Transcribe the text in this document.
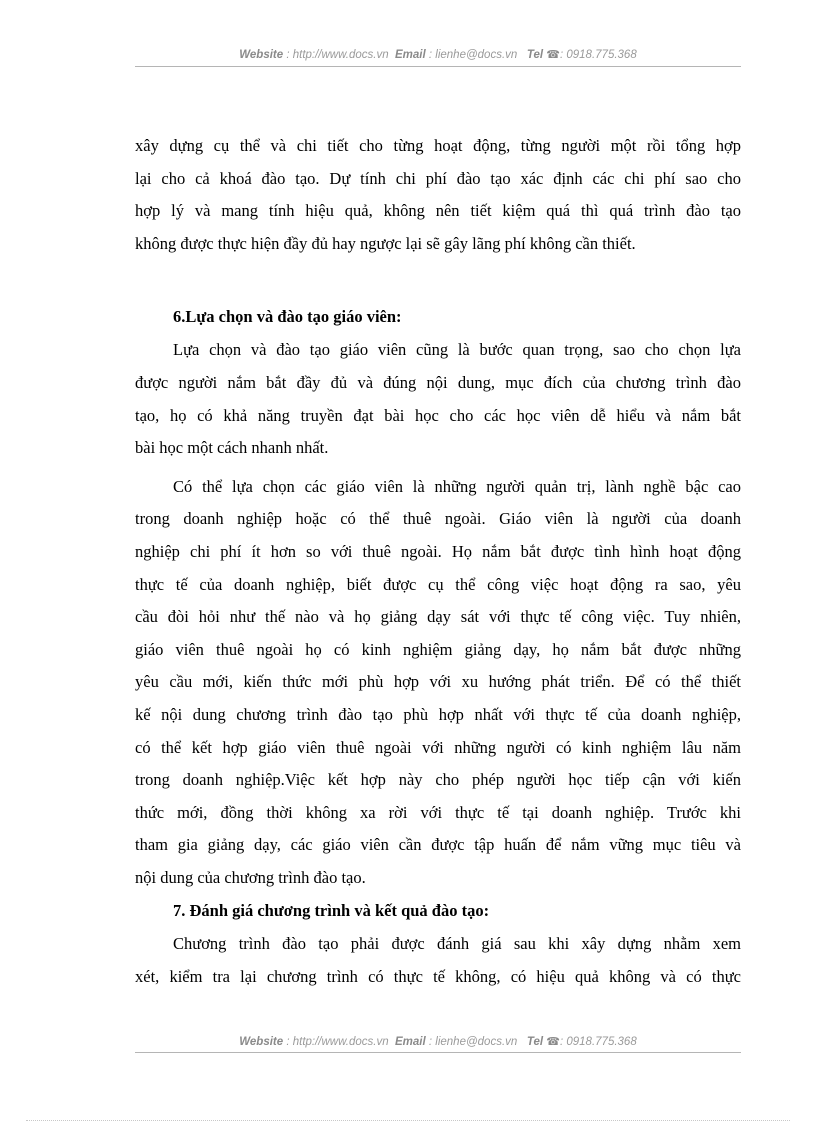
Website : http://www.docs.vn Email : lienhe@docs.vn Tel ☎: 0918.775.368
xây dựng cụ thể và chi tiết cho từng hoạt động, từng người một rồi tổng hợp
lại cho cả khoá đào tạo. Dự tính chi phí đào tạo xác định các chi phí sao cho
hợp lý và mang tính hiệu quả, không nên tiết kiệm quá thì quá trình đào tạo
không được thực hiện đầy đủ hay ngược lại sẽ gây lãng phí không cần thiết.
6.Lựa chọn và đào tạo giáo viên:
Lựa chọn và đào tạo giáo viên cũng là bước quan trọng, sao cho chọn lựa
được người nắm bắt đầy đủ và đúng nội dung, mục đích của chương trình đào
tạo, họ có khả năng truyền đạt bài học cho các học viên dễ hiểu và nắm bắt
bài học một cách nhanh nhất.
Có thể lựa chọn các giáo viên là những người quản trị, lành nghề bậc cao
trong doanh nghiệp hoặc có thể thuê ngoài. Giáo viên là người của doanh
nghiệp chi phí ít hơn so với thuê ngoài. Họ nắm bắt được tình hình hoạt động
thực tế của doanh nghiệp, biết được cụ thể công việc hoạt động ra sao, yêu
cầu đòi hỏi như thế nào và họ giảng dạy sát với thực tế công việc. Tuy nhiên,
giáo viên thuê ngoài họ có kinh nghiệm giảng dạy, họ nắm bắt được những
yêu cầu mới, kiến thức mới phù hợp với xu hướng phát triển. Để có thể thiết
kế nội dung chương trình đào tạo phù hợp nhất với thực tế của doanh nghiệp,
có thể kết hợp giáo viên thuê ngoài với những người có kinh nghiệm lâu năm
trong doanh nghiệp.Việc kết hợp này cho phép người học tiếp cận với kiến
thức mới, đồng thời không xa rời với thực tế tại doanh nghiệp. Trước khi
tham gia giảng dạy, các giáo viên cần được tập huấn để nắm vững mục tiêu và
nội dung của chương trình đào tạo.
7. Đánh giá chương trình và kết quả đào tạo:
Chương trình đào tạo phải được đánh giá sau khi xây dựng nhằm xem
xét, kiểm tra lại chương trình có thực tế không, có hiệu quả không và có thực
Website : http://www.docs.vn Email : lienhe@docs.vn Tel ☎: 0918.775.368
